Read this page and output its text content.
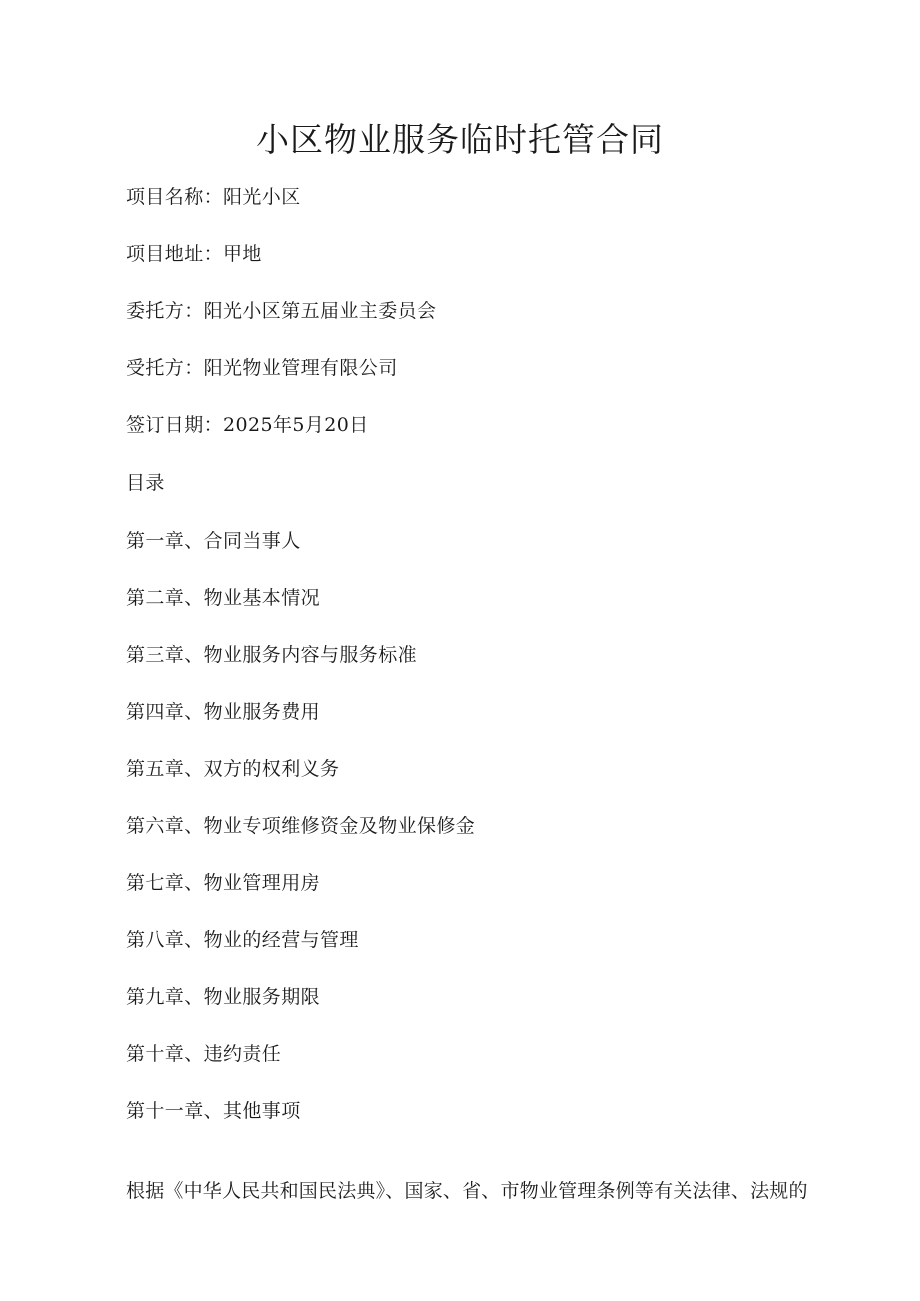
小区物业服务临时托管合同
项目名称：阳光小区
项目地址：甲地
委托方：阳光小区第五届业主委员会
受托方：阳光物业管理有限公司
签订日期：2025年5月20日
目录
第一章、合同当事人
第二章、物业基本情况
第三章、物业服务内容与服务标准
第四章、物业服务费用
第五章、双方的权利义务
第六章、物业专项维修资金及物业保修金
第七章、物业管理用房
第八章、物业的经营与管理
第九章、物业服务期限
第十章、违约责任
第十一章、其他事项
根据《中华人民共和国民法典》、国家、省、市物业管理条例等有关法律、法规的
